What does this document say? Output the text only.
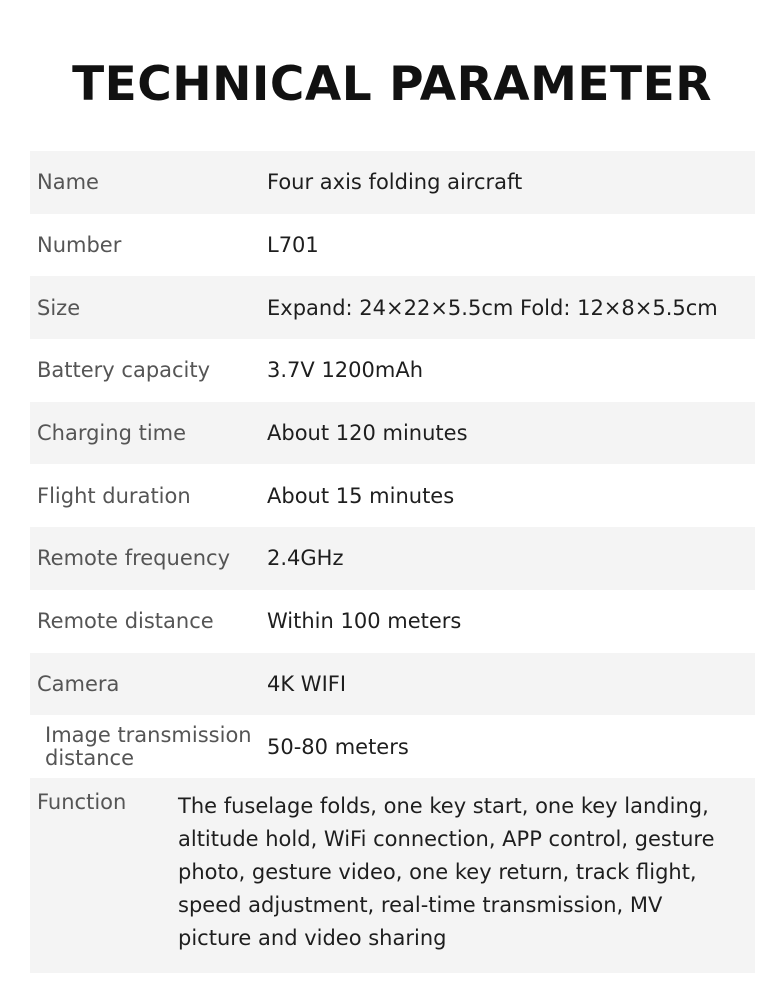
TECHNICAL PARAMETER
Name	Four axis folding aircraft
Number	L701
Size	Expand: 24×22×5.5cm Fold: 12×8×5.5cm
Battery capacity	3.7V 1200mAh
Charging time	About 120 minutes
Flight duration	About 15 minutes
Remote frequency 2.4GHz
Remote distance	Within 100 meters
Camera	4K WIFI
Image transmission distance	50-80 meters
Function The fuselage folds, one key start, one key landing, altitude hold, WiFi connection, APP control, gesture photo, gesture video, one key return, track flight, speed adjustment, real-time transmission, MV picture and video sharing
